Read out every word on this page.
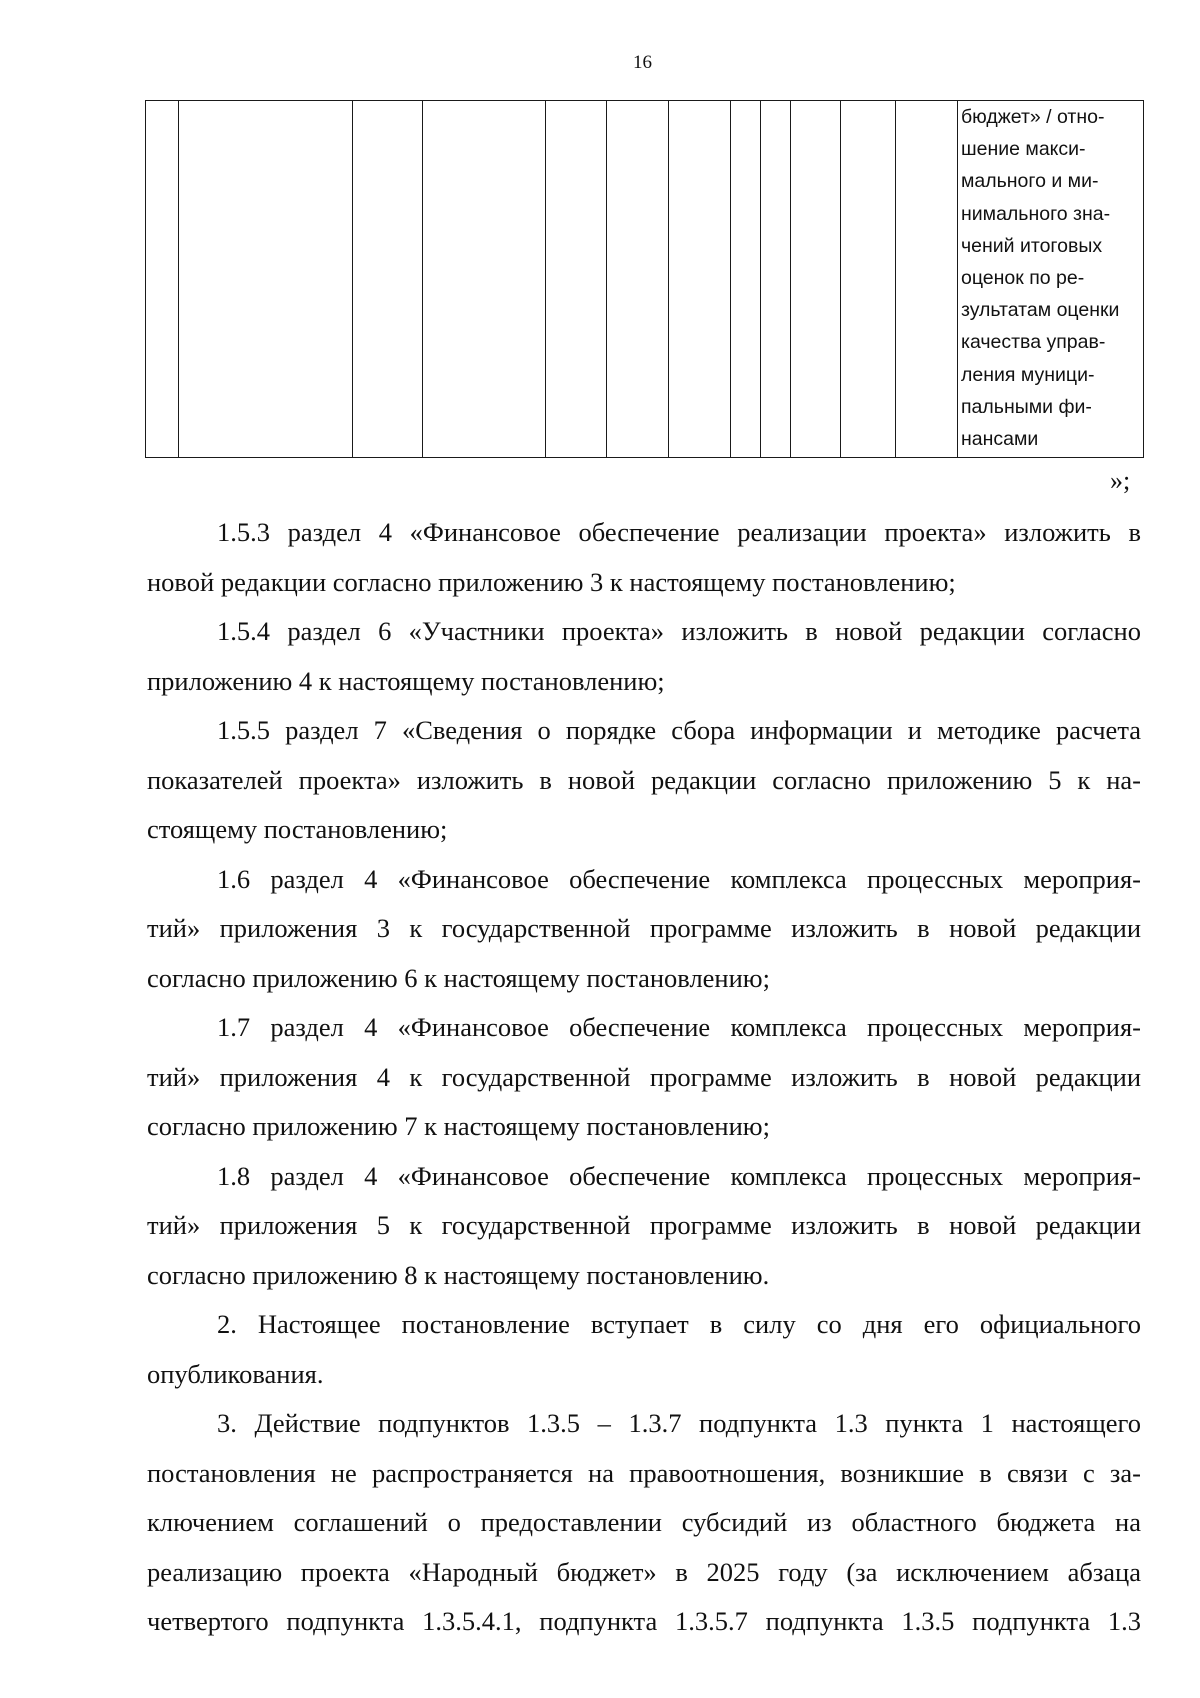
16

бюджет» / отно-
шение макси-
мального и ми-
нимального зна-
чений итоговых
оценок по ре-
зультатам оценки
качества управ-
ления муници-
пальными фи-
нансами
»;
1.5.3 раздел 4 «Финансовое обеспечение реализации проекта» изложить в
новой редакции согласно приложению 3 к настоящему постановлению;
1.5.4 раздел 6 «Участники проекта» изложить в новой редакции согласно
приложению 4 к настоящему постановлению;
1.5.5 раздел 7 «Сведения о порядке сбора информации и методике расчета
показателей проекта» изложить в новой редакции согласно приложению 5 к на-
стоящему постановлению;
1.6 раздел 4 «Финансовое обеспечение комплекса процессных мероприя-
тий» приложения 3 к государственной программе изложить в новой редакции
согласно приложению 6 к настоящему постановлению;
1.7 раздел 4 «Финансовое обеспечение комплекса процессных мероприя-
тий» приложения 4 к государственной программе изложить в новой редакции
согласно приложению 7 к настоящему постановлению;
1.8 раздел 4 «Финансовое обеспечение комплекса процессных мероприя-
тий» приложения 5 к государственной программе изложить в новой редакции
согласно приложению 8 к настоящему постановлению.
2. Настоящее постановление вступает в силу со дня его официального
опубликования.
3. Действие подпунктов 1.3.5 – 1.3.7 подпункта 1.3 пункта 1 настоящего
постановления не распространяется на правоотношения, возникшие в связи с за-
ключением соглашений о предоставлении субсидий из областного бюджета на
реализацию проекта «Народный бюджет» в 2025 году (за исключением абзаца
четвертого подпункта 1.3.5.4.1, подпункта 1.3.5.7 подпункта 1.3.5 подпункта 1.3
